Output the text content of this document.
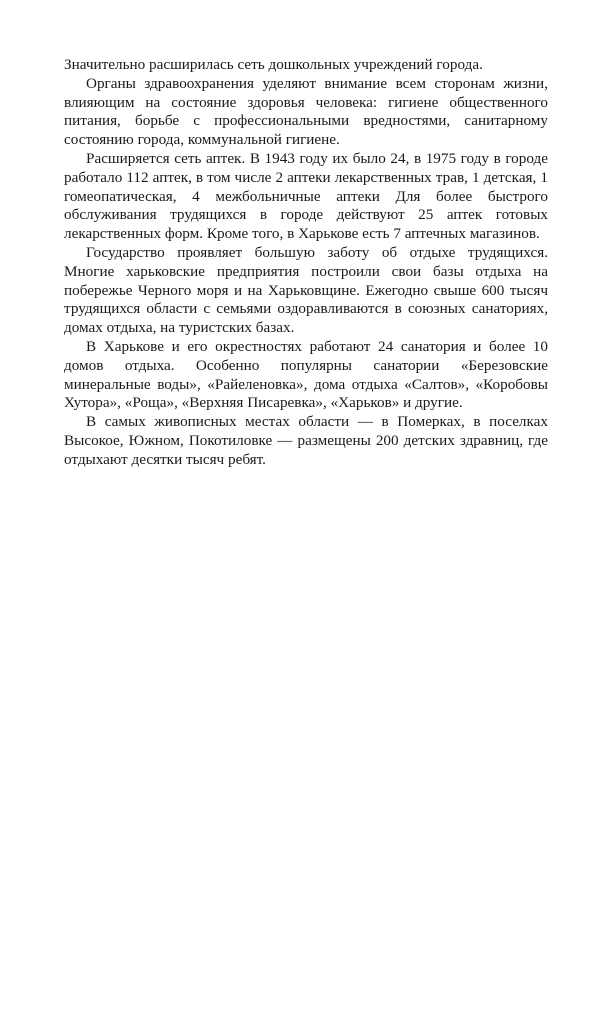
Значительно расширилась сеть дошкольных учреждений города.

Органы здравоохранения уделяют внимание всем сторонам жизни, влияющим на состояние здоровья человека: гигиене общественного питания, борьбе с профессиональными вредностями, санитарному состоянию города, коммунальной гигиене.

Расширяется сеть аптек. В 1943 году их было 24, в 1975 году в городе работало 112 аптек, в том числе 2 аптеки лекарственных трав, 1 детская, 1 гомеопатическая, 4 межбольничные аптеки Для более быстрого обслуживания трудящихся в городе действуют 25 аптек готовых лекарственных форм. Кроме того, в Харькове есть 7 аптечных магазинов.

Государство проявляет большую заботу об отдыхе трудящихся. Многие харьковские предприятия построили свои базы отдыха на побережье Черного моря и на Харьковщине. Ежегодно свыше 600 тысяч трудящихся области с семьями оздоравливаются в союзных санаториях, домах отдыха, на туристских базах.

В Харькове и его окрестностях работают 24 санатория и более 10 домов отдыха. Особенно популярны санатории «Березовские минеральные воды», «Райеленовка», дома отдыха «Салтов», «Коробовы Хутора», «Роща», «Верхняя Писаревка», «Харьков» и другие.

В самых живописных местах области — в Померках, в поселках Высокое, Южном, Покотиловке — размещены 200 детских здравниц, где отдыхают десятки тысяч ребят.
